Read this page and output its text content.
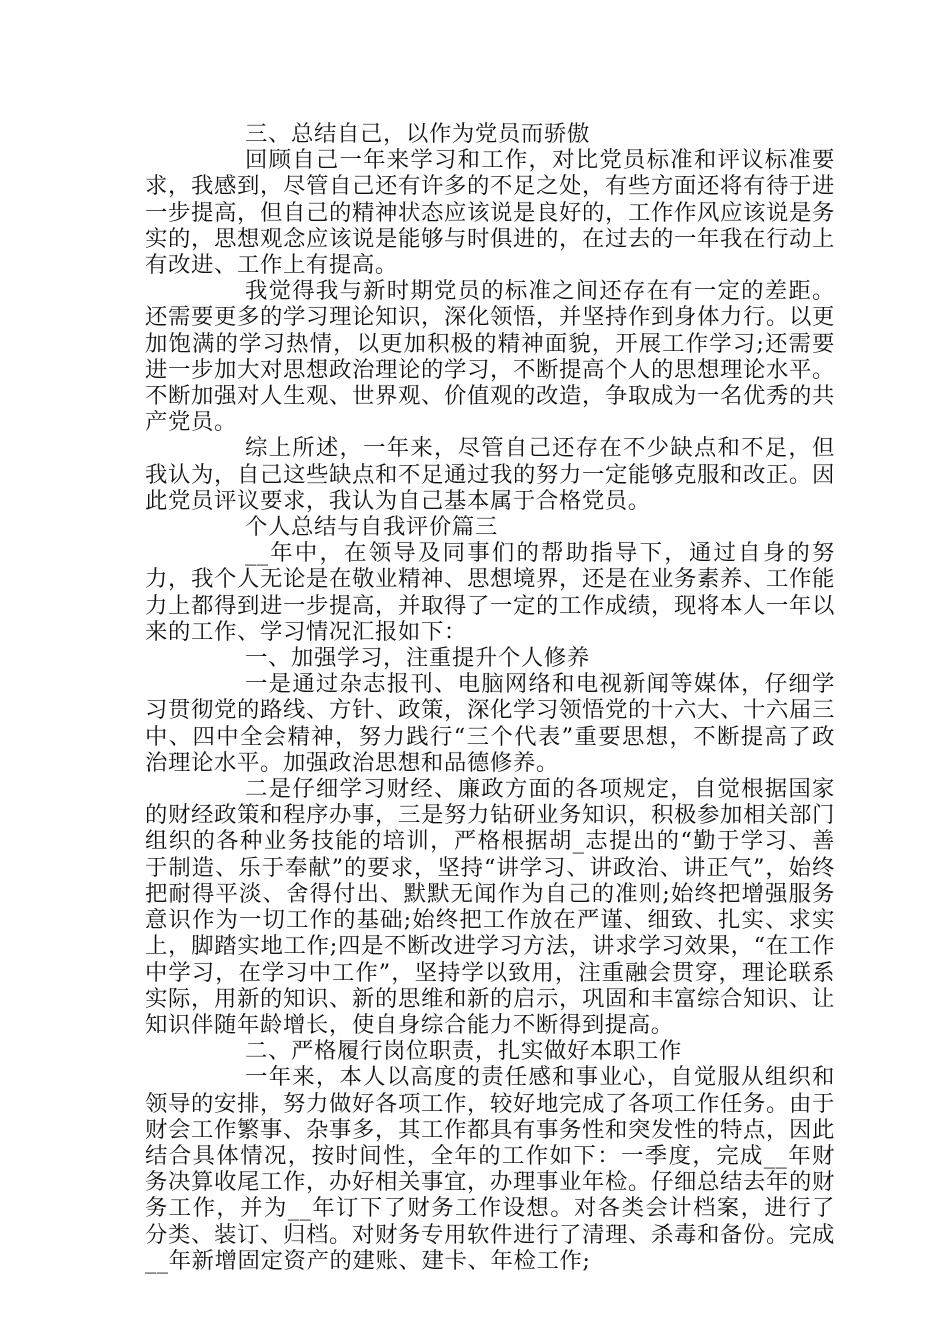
三、总结自己，以作为党员而骄傲

回顾自己一年来学习和工作，对比党员标准和评议标准要求，我感到，尽管自己还有许多的不足之处，有些方面还将有待于进一步提高，但自己的精神状态应该说是良好的，工作作风应该说是务实的，思想观念应该说是能够与时俱进的，在过去的一年我在行动上有改进、工作上有提高。

我觉得我与新时期党员的标准之间还存在有一定的差距。还需要更多的学习理论知识，深化领悟，并坚持作到身体力行。以更加饱满的学习热情，以更加积极的精神面貌，开展工作学习;还需要进一步加大对思想政治理论的学习，不断提高个人的思想理论水平。不断加强对人生观、世界观、价值观的改造，争取成为一名优秀的共产党员。

综上所述，一年来，尽管自己还存在不少缺点和不足，但我认为，自己这些缺点和不足通过我的努力一定能够克服和改正。因此党员评议要求，我认为自己基本属于合格党员。

个人总结与自我评价篇三

__年中，在领导及同事们的帮助指导下，通过自身的努力，我个人无论是在敬业精神、思想境界，还是在业务素养、工作能力上都得到进一步提高，并取得了一定的工作成绩，现将本人一年以来的工作、学习情况汇报如下：

一、加强学习，注重提升个人修养

一是通过杂志报刊、电脑网络和电视新闻等媒体，仔细学习贯彻党的路线、方针、政策，深化学习领悟党的十六大、十六届三中、四中全会精神，努力践行“三个代表”重要思想，不断提高了政治理论水平。加强政治思想和品德修养。

二是仔细学习财经、廉政方面的各项规定，自觉根据国家的财经政策和程序办事，三是努力钻研业务知识，积极参加相关部门组织的各种业务技能的培训，严格根据胡_志提出的“勤于学习、善于制造、乐于奉献”的要求，坚持“讲学习、讲政治、讲正气”，始终把耐得平淡、舍得付出、默默无闻作为自己的准则;始终把增强服务意识作为一切工作的基础;始终把工作放在严谨、细致、扎实、求实上，脚踏实地工作;四是不断改进学习方法，讲求学习效果，“在工作中学习，在学习中工作”，坚持学以致用，注重融会贯穿，理论联系实际，用新的知识、新的思维和新的启示，巩固和丰富综合知识、让知识伴随年龄增长，使自身综合能力不断得到提高。

二、严格履行岗位职责，扎实做好本职工作

一年来，本人以高度的责任感和事业心，自觉服从组织和领导的安排，努力做好各项工作，较好地完成了各项工作任务。由于财会工作繁事、杂事多，其工作都具有事务性和突发性的特点，因此结合具体情况，按时间性，全年的工作如下：一季度，完成__年财务决算收尾工作，办好相关事宜，办理事业年检。仔细总结去年的财务工作，并为__年订下了财务工作设想。对各类会计档案，进行了分类、装订、归档。对财务专用软件进行了清理、杀毒和备份。完成__年新增固定资产的建账、建卡、年检工作;
